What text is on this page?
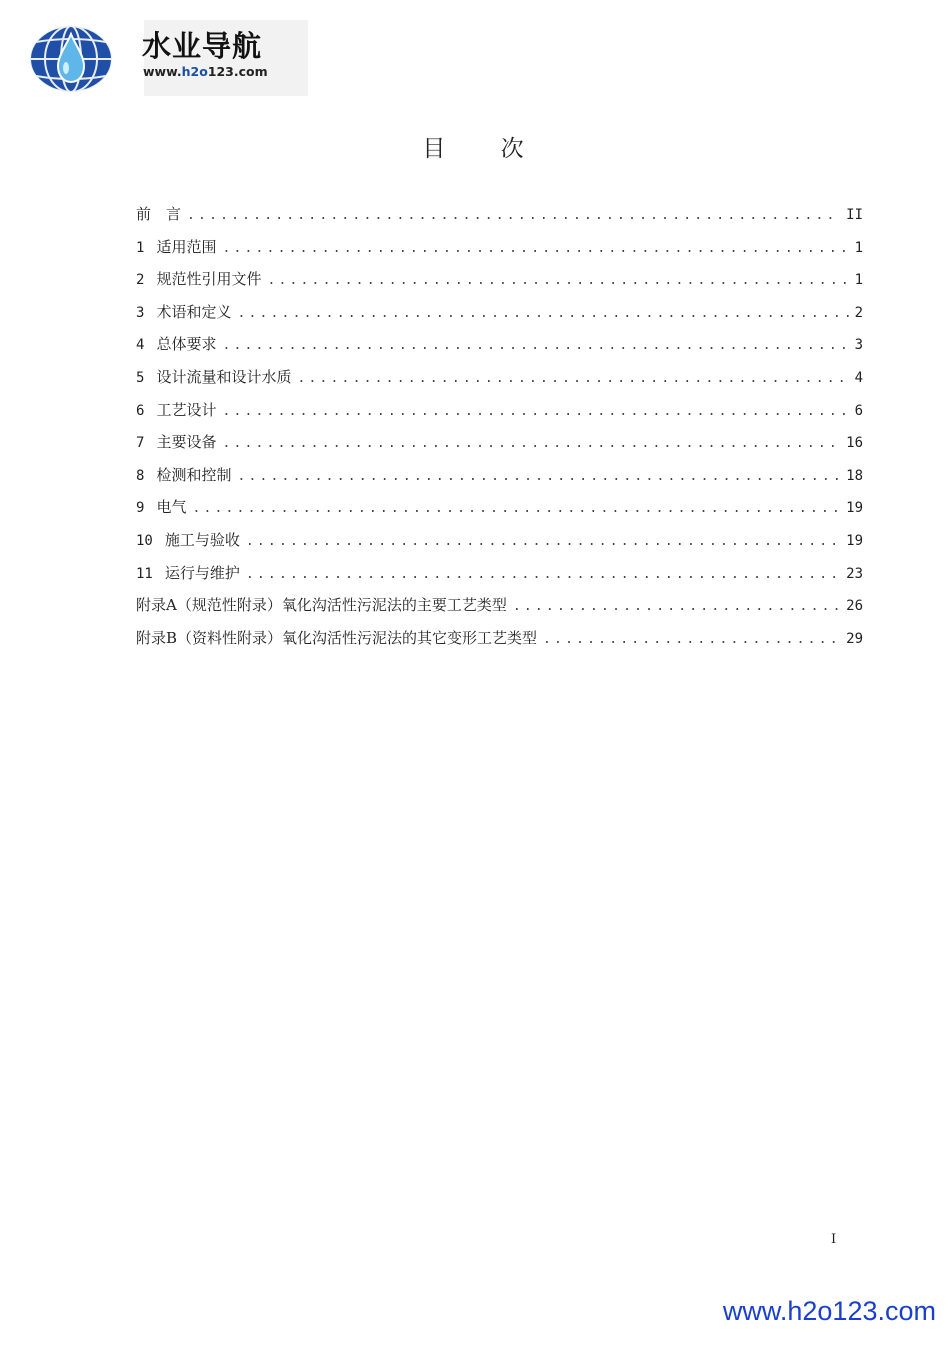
水业导航
www.h2o123.com
目 次
前　言 .....	II
1 适用范围 .....	1
2 规范性引用文件 .....	1
3 术语和定义 .....	2
4 总体要求 .....	3
5 设计流量和设计水质 .....	4
6 工艺设计 .....	6
7 主要设备 .....	16
8 检测和控制 .....	18
9 电气 .....	19
10 施工与验收 .....	19
11 运行与维护 .....	23
附录A（规范性附录）氧化沟活性污泥法的主要工艺类型 .....	26
附录B（资料性附录）氧化沟活性污泥法的其它变形工艺类型 .....	29
I
www.h2o123.com
